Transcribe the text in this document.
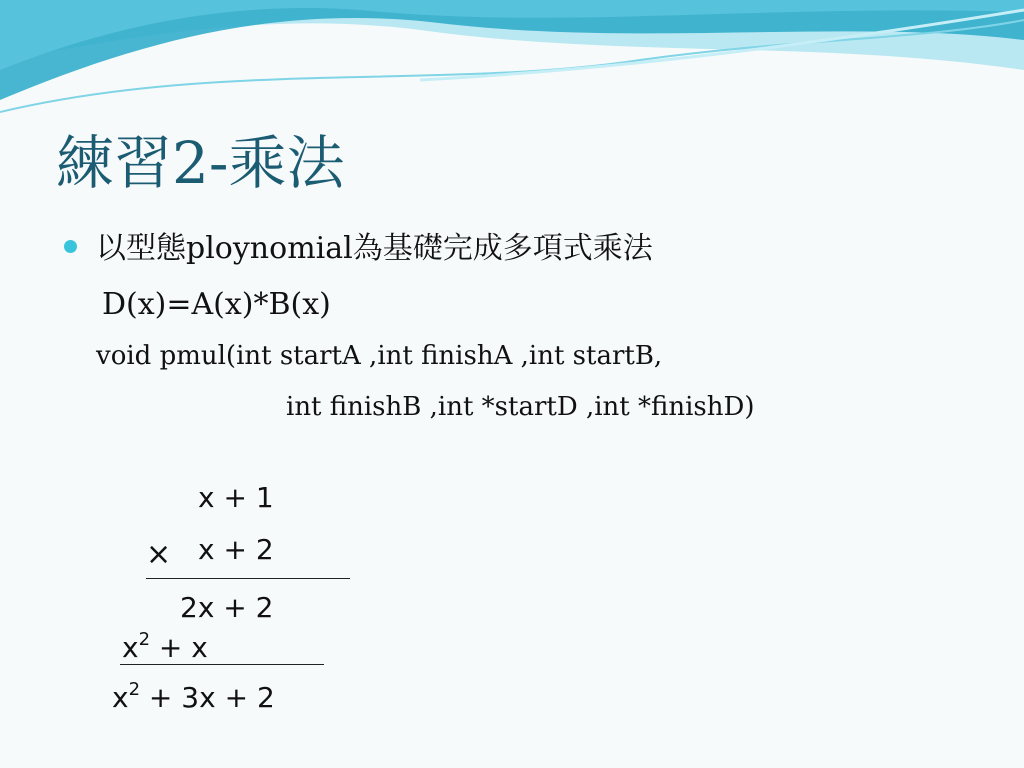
練習2-乘法
以型態ploynomial為基礎完成多項式乘法
D(x)=A(x)*B(x)
void pmul(int startA ,int finishA ,int startB,
int finishB ,int *startD ,int *finishD)
x + 1
× x + 2
2x + 2
$x^2 + x$
$x^2 + 3x + 2$
